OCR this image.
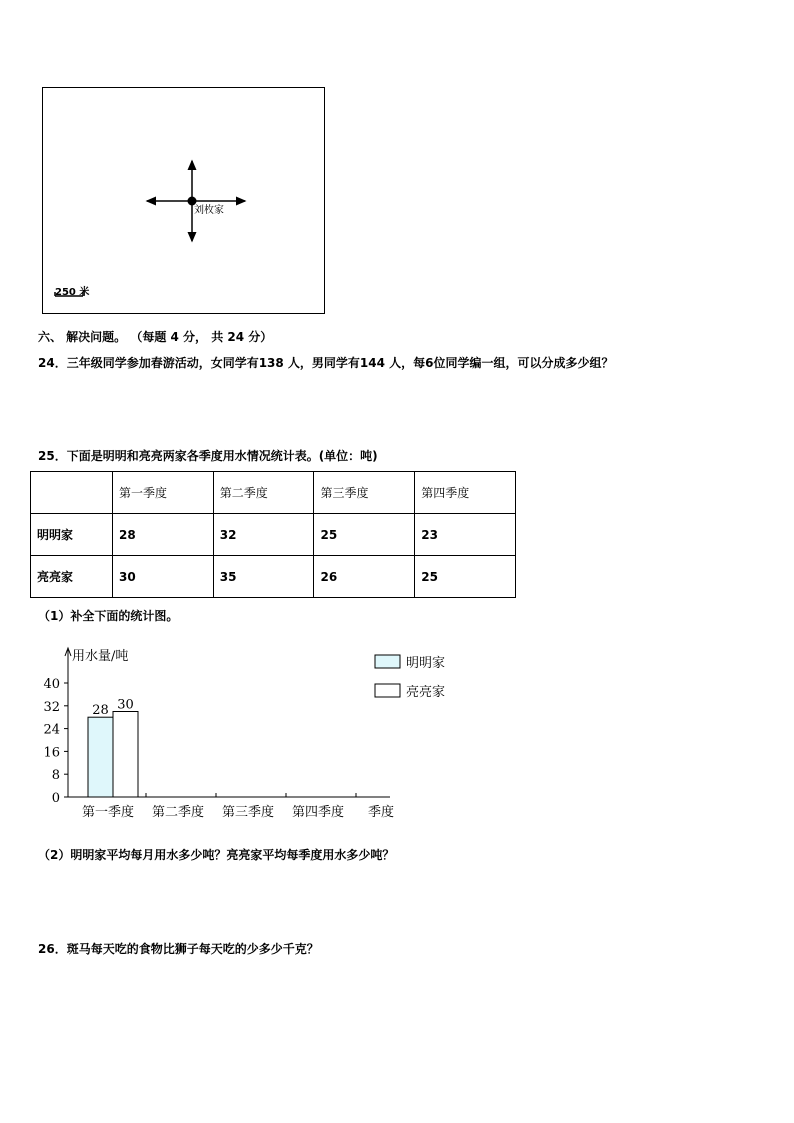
刘枚家
250 米
六、 解决问题。 （每题 4 分， 共 24 分）
24．三年级同学参加春游活动，女同学有138 人，男同学有144 人，每6位同学编一组，可以分成多少组？
25．下面是明明和亮亮两家各季度用水情况统计表。(单位：吨)
	第一季度	第二季度	第三季度	第四季度
明明家	28	32	25	23
亮亮家	30	35	26	25
（1）补全下面的统计图。
用水量/吨
季度
0
8
16
24
32
40
第一季度 第二季度 第三季度 第四季度
28 30
明明家
亮亮家
（2）明明家平均每月用水多少吨？亮亮家平均每季度用水多少吨？
26．斑马每天吃的食物比狮子每天吃的少多少千克？
